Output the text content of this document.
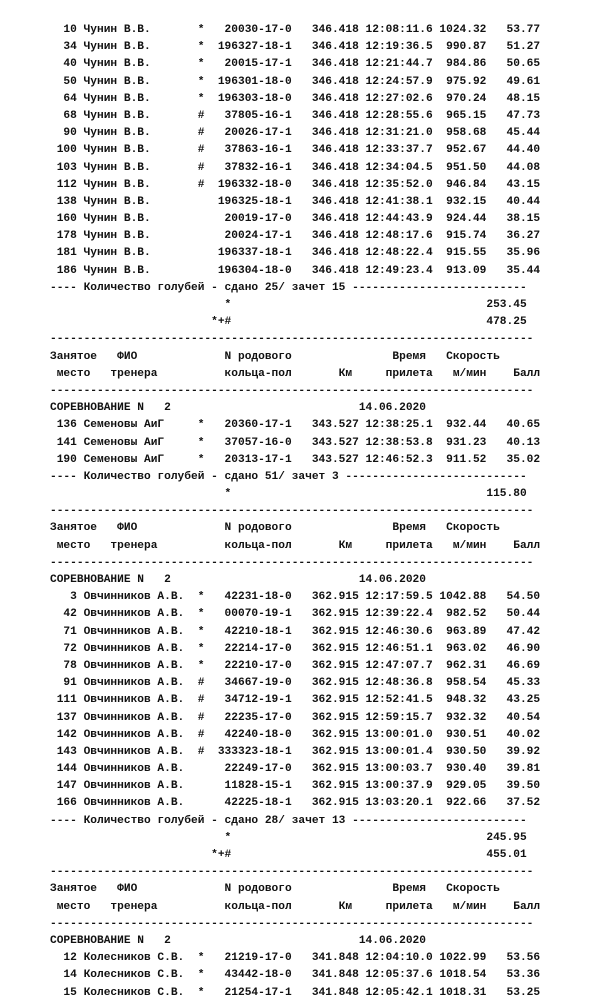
10 Чунин В.В.       *   20030-17-0   346.418 12:08:11.6 1024.32   53.77
34 Чунин В.В.       *  196327-18-1   346.418 12:19:36.5  990.87   51.27
40 Чунин В.В.       *   20015-17-1   346.418 12:21:44.7  984.86   50.65
50 Чунин В.В.       *  196301-18-0   346.418 12:24:57.9  975.92   49.61
64 Чунин В.В.       *  196303-18-0   346.418 12:27:02.6  970.24   48.15
68 Чунин В.В.       #   37805-16-1   346.418 12:28:55.6  965.15   47.73
90 Чунин В.В.       #   20026-17-1   346.418 12:31:21.0  958.68   45.44
100 Чунин В.В.       #   37863-16-1   346.418 12:33:37.7  952.67   44.40
103 Чунин В.В.       #   37832-16-1   346.418 12:34:04.5  951.50   44.08
112 Чунин В.В.       #  196332-18-0   346.418 12:35:52.0  946.84   43.15
138 Чунин В.В.          196325-18-1   346.418 12:41:38.1  932.15   40.44
160 Чунин В.В.           20019-17-0   346.418 12:44:43.9  924.44   38.15
178 Чунин В.В.           20024-17-1   346.418 12:48:17.6  915.74   36.27
181 Чунин В.В.          196337-18-1   346.418 12:48:22.4  915.55   35.96
186 Чунин В.В.          196304-18-0   346.418 12:49:23.4  913.09   35.44
---- Количество голубей - сдано 25/ зачет 15 --------------------------
*                                      253.45
*+#                                      478.25
------------------------------------------------------------------------
Занятое   ФИО             N родового               Время   Скорость
место   тренера          кольца-пол       Км     прилета   м/мин    Балл
------------------------------------------------------------------------
СОРЕВНОВАНИЕ N   2                            14.06.2020
136 Семеновы АиГ     *   20360-17-1   343.527 12:38:25.1  932.44   40.65
141 Семеновы АиГ     *   37057-16-0   343.527 12:38:53.8  931.23   40.13
190 Семеновы АиГ     *   20313-17-1   343.527 12:46:52.3  911.52   35.02
---- Количество голубей - сдано 51/ зачет 3 ---------------------------
*                                      115.80
------------------------------------------------------------------------
Занятое   ФИО             N родового               Время   Скорость
место   тренера          кольца-пол       Км     прилета   м/мин    Балл
------------------------------------------------------------------------
СОРЕВНОВАНИЕ N   2                            14.06.2020
3 Овчинников А.В.  *   42231-18-0   362.915 12:17:59.5 1042.88   54.50
42 Овчинников А.В.  *   00070-19-1   362.915 12:39:22.4  982.52   50.44
71 Овчинников А.В.  *   42210-18-1   362.915 12:46:30.6  963.89   47.42
72 Овчинников А.В.  *   22214-17-0   362.915 12:46:51.1  963.02   46.90
78 Овчинников А.В.  *   22210-17-0   362.915 12:47:07.7  962.31   46.69
91 Овчинников А.В.  #   34667-19-0   362.915 12:48:36.8  958.54   45.33
111 Овчинников А.В.  #   34712-19-1   362.915 12:52:41.5  948.32   43.25
137 Овчинников А.В.  #   22235-17-0   362.915 12:59:15.7  932.32   40.54
142 Овчинников А.В.  #   42240-18-0   362.915 13:00:01.0  930.51   40.02
143 Овчинников А.В.  #  333323-18-1   362.915 13:00:01.4  930.50   39.92
144 Овчинников А.В.      22249-17-0   362.915 13:00:03.7  930.40   39.81
147 Овчинников А.В.      11828-15-1   362.915 13:00:37.9  929.05   39.50
166 Овчинников А.В.      42225-18-1   362.915 13:03:20.1  922.66   37.52
---- Количество голубей - сдано 28/ зачет 13 --------------------------
*                                      245.95
*+#                                      455.01
------------------------------------------------------------------------
Занятое   ФИО             N родового               Время   Скорость
место   тренера          кольца-пол       Км     прилета   м/мин    Балл
------------------------------------------------------------------------
СОРЕВНОВАНИЕ N   2                            14.06.2020
12 Колесников С.В.  *   21219-17-0   341.848 12:04:10.0 1022.99   53.56
14 Колесников С.В.  *   43442-18-0   341.848 12:05:37.6 1018.54   53.36
15 Колесников С.В.  *   21254-17-1   341.848 12:05:42.1 1018.31   53.25
